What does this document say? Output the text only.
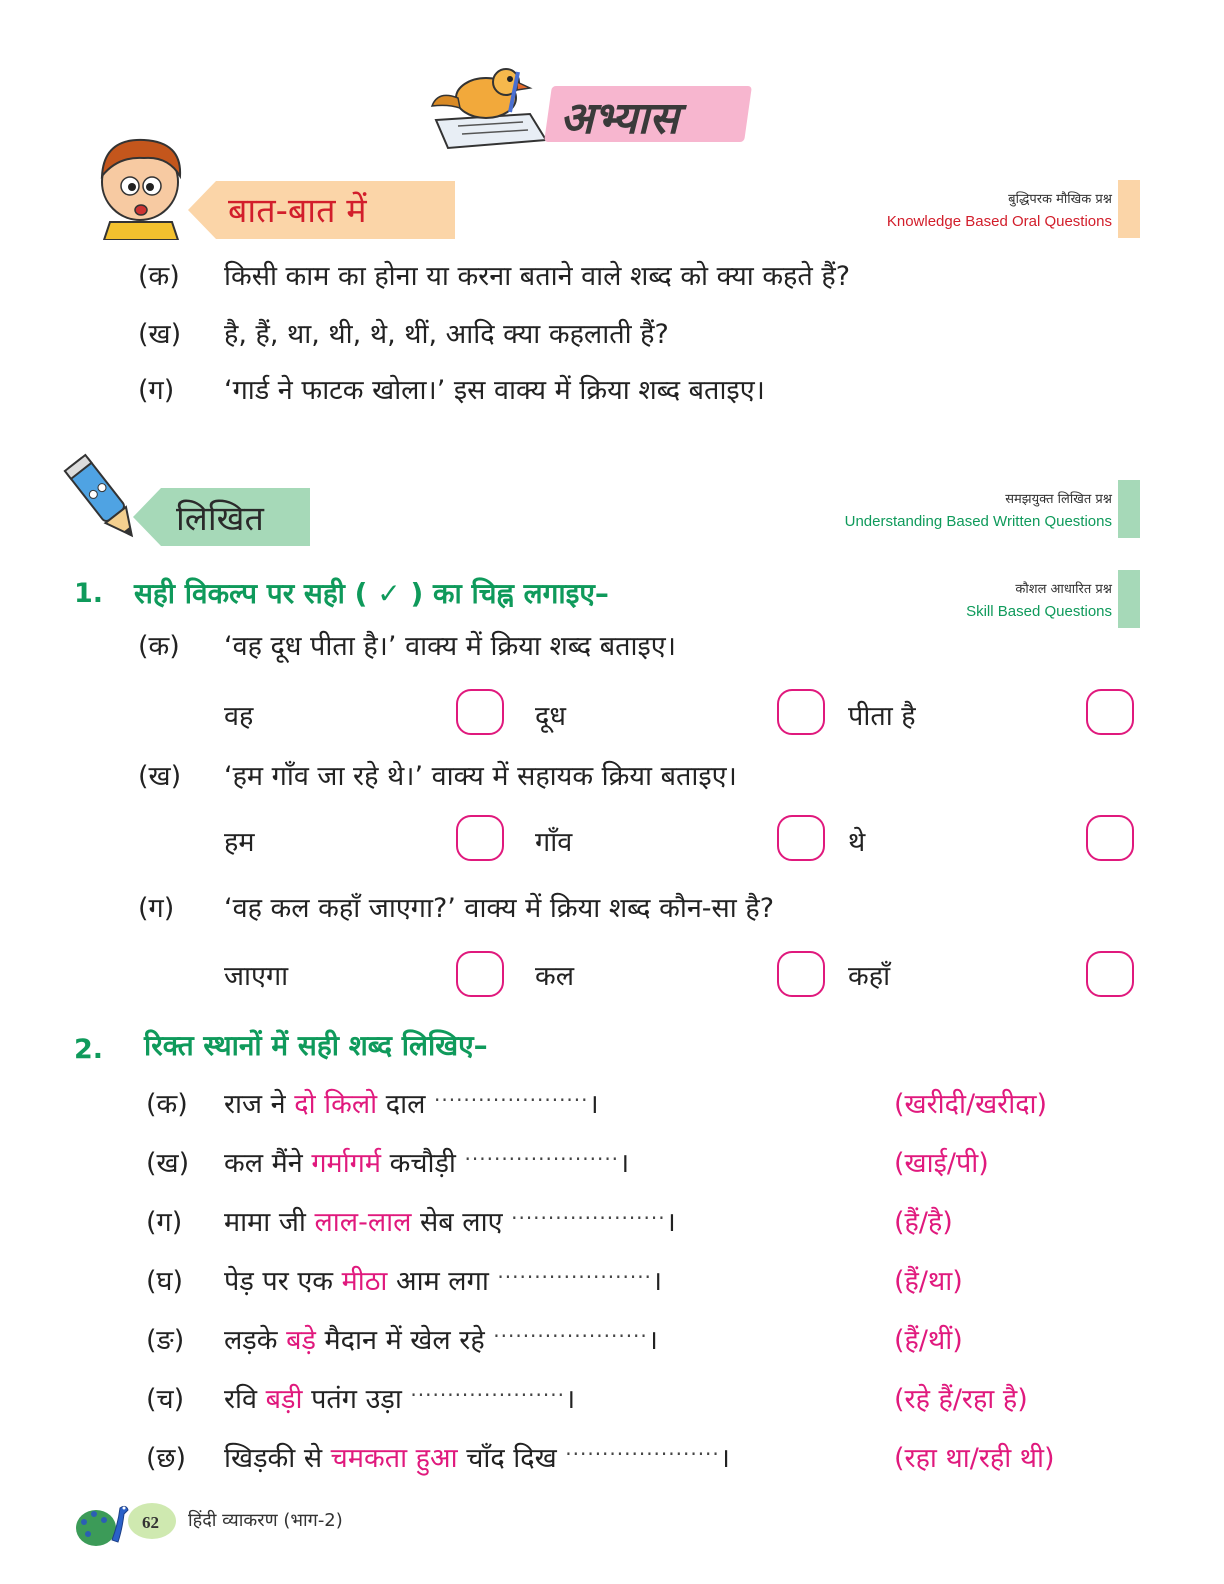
अभ्यास
बात-बात में	बुद्धिपरक मौखिक प्रश्न
Knowledge Based Oral Questions
(क) किसी काम का होना या करना बताने वाले शब्द को क्या कहते हैं?
(ख) है, हैं, था, थी, थे, थीं, आदि क्या कहलाती हैं?
(ग) ‘गार्ड ने फाटक खोला।’ इस वाक्य में क्रिया शब्द बताइए।
लिखित	समझयुक्त लिखित प्रश्न
Understanding Based Written Questions
1. सही विकल्प पर सही ( ✓ ) का चिह्न लगाइए–	कौशल आधारित प्रश्न
Skill Based Questions
(क) ‘वह दूध पीता है।’ वाक्य में क्रिया शब्द बताइए।
वह	दूध	पीता है
(ख) ‘हम गाँव जा रहे थे।’ वाक्य में सहायक क्रिया बताइए।
हम	गाँव	थे
(ग) ‘वह कल कहाँ जाएगा?’ वाक्य में क्रिया शब्द कौन-सा है?
जाएगा	कल	कहाँ
2. रिक्त स्थानों में सही शब्द लिखिए–
(क) राज ने दो किलो दाल ·····················।	(खरीदी/खरीदा)
(ख) कल मैंने गर्मागर्म कचौड़ी ·····················।	(खाई/पी)
(ग) मामा जी लाल-लाल सेब लाए ·····················।	(हैं/है)
(घ) पेड़ पर एक मीठा आम लगा ·····················।	(हैं/था)
(ङ) लड़के बड़े मैदान में खेल रहे ·····················।	(हैं/थीं)
(च) रवि बड़ी पतंग उड़ा ·····················।	(रहे हैं/रहा है)
(छ) खिड़की से चमकता हुआ चाँद दिख ·····················।	(रहा था/रही थी)
62 हिंदी व्याकरण (भाग-2)
